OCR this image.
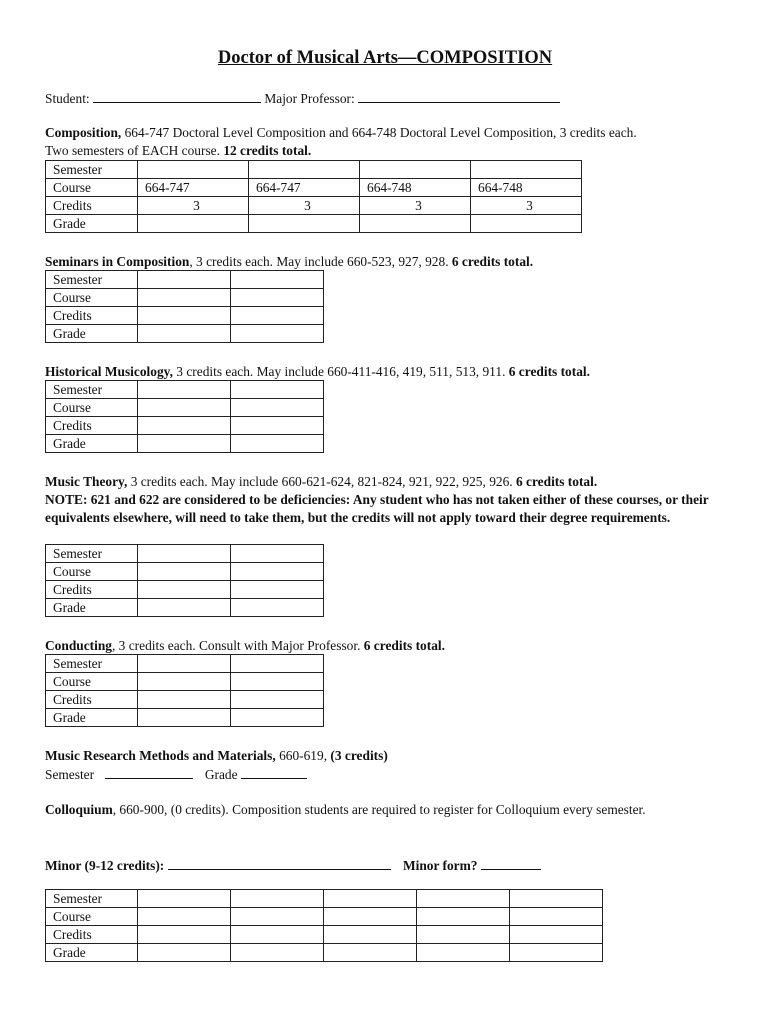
Doctor of Musical Arts—COMPOSITION
Student:	Major Professor:
Composition, 664-747 Doctoral Level Composition and 664-748 Doctoral Level Composition, 3 credits each.
Two semesters of EACH course. 12 credits total.
Semester				
Course	664-747	664-747	664-748	664-748
Credits	3	3	3	3
Grade				
Seminars in Composition, 3 credits each. May include 660-523, 927, 928. 6 credits total.
Semester		
Course		
Credits		
Grade		
Historical Musicology, 3 credits each. May include 660-411-416, 419, 511, 513, 911. 6 credits total.
Semester		
Course		
Credits		
Grade		
Music Theory, 3 credits each. May include 660-621-624, 821-824, 921, 922, 925, 926. 6 credits total.
NOTE: 621 and 622 are considered to be deficiencies: Any student who has not taken either of these courses, or their equivalents elsewhere, will need to take them, but the credits will not apply toward their degree requirements.
Semester		
Course		
Credits		
Grade		
Conducting, 3 credits each. Consult with Major Professor. 6 credits total.
Semester		
Course		
Credits		
Grade		
Music Research Methods and Materials, 660-619, (3 credits)
Semester	Grade
Colloquium, 660-900, (0 credits). Composition students are required to register for Colloquium every semester.
Minor (9-12 credits):	Minor form?
Semester					
Course					
Credits					
Grade					
